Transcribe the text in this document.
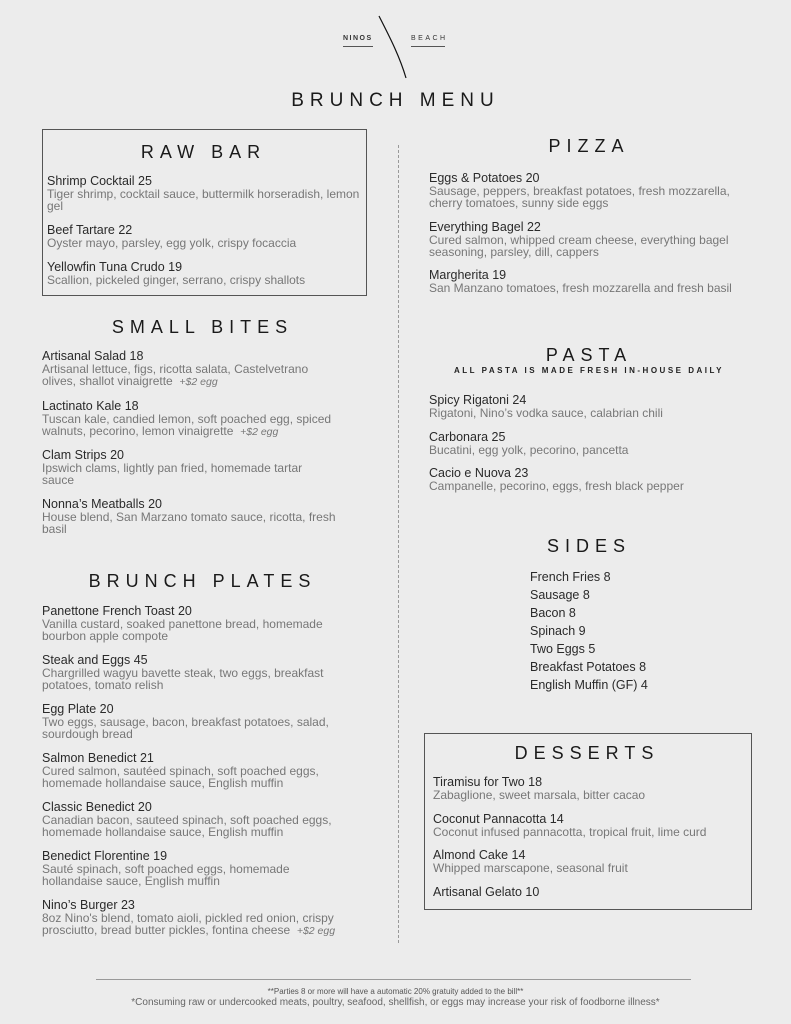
NINOS	BEACH
BRUNCH MENU
RAW BAR
Shrimp Cocktail 25
Tiger shrimp, cocktail sauce, buttermilk horseradish, lemon gel
Beef Tartare 22
Oyster mayo, parsley, egg yolk, crispy focaccia
Yellowfin Tuna Crudo 19
Scallion, pickeled ginger, serrano, crispy shallots
SMALL BITES
Artisanal Salad 18
Artisanal lettuce, figs, ricotta salata, Castelvetrano olives, shallot vinaigrette +$2 egg
Lactinato Kale 18
Tuscan kale, candied lemon, soft poached egg, spiced walnuts, pecorino, lemon vinaigrette +$2 egg
Clam Strips 20
Ipswich clams, lightly pan fried, homemade tartar sauce
Nonna’s Meatballs 20
House blend, San Marzano tomato sauce, ricotta, fresh basil
BRUNCH PLATES
Panettone French Toast 20
Vanilla custard, soaked panettone bread, homemade bourbon apple compote
Steak and Eggs 45
Chargrilled wagyu bavette steak, two eggs, breakfast potatoes, tomato relish
Egg Plate 20
Two eggs, sausage, bacon, breakfast potatoes, salad, sourdough bread
Salmon Benedict 21
Cured salmon, sautéed spinach, soft poached eggs, homemade hollandaise sauce, English muffin
Classic Benedict 20
Canadian bacon, sauteed spinach, soft poached eggs, homemade hollandaise sauce, English muffin
Benedict Florentine 19
Sauté spinach, soft poached eggs, homemade hollandaise sauce, English muffin
Nino’s Burger 23
8oz Nino's blend, tomato aioli, pickled red onion, crispy prosciutto, bread butter pickles, fontina cheese +$2 egg
PIZZA
Eggs & Potatoes 20
Sausage, peppers, breakfast potatoes, fresh mozzarella, cherry tomatoes, sunny side eggs
Everything Bagel 22
Cured salmon, whipped cream cheese, everything bagel seasoning, parsley, dill, cappers
Margherita 19
San Manzano tomatoes, fresh mozzarella and fresh basil
PASTA
ALL PASTA IS MADE FRESH IN-HOUSE DAILY
Spicy Rigatoni 24
Rigatoni, Nino’s vodka sauce, calabrian chili
Carbonara 25
Bucatini, egg yolk, pecorino, pancetta
Cacio e Nuova 23
Campanelle, pecorino, eggs, fresh black pepper
SIDES
French Fries 8
Sausage 8
Bacon 8
Spinach 9
Two Eggs 5
Breakfast Potatoes 8
English Muffin (GF) 4
DESSERTS
Tiramisu for Two 18
Zabaglione, sweet marsala, bitter cacao
Coconut Pannacotta 14
Coconut infused pannacotta, tropical fruit, lime curd
Almond Cake 14
Whipped marscapone, seasonal fruit
Artisanal Gelato 10
**Parties 8 or more will have a automatic 20% gratuity added to the bill**
*Consuming raw or undercooked meats, poultry, seafood, shellfish, or eggs may increase your risk of foodborne illness*
